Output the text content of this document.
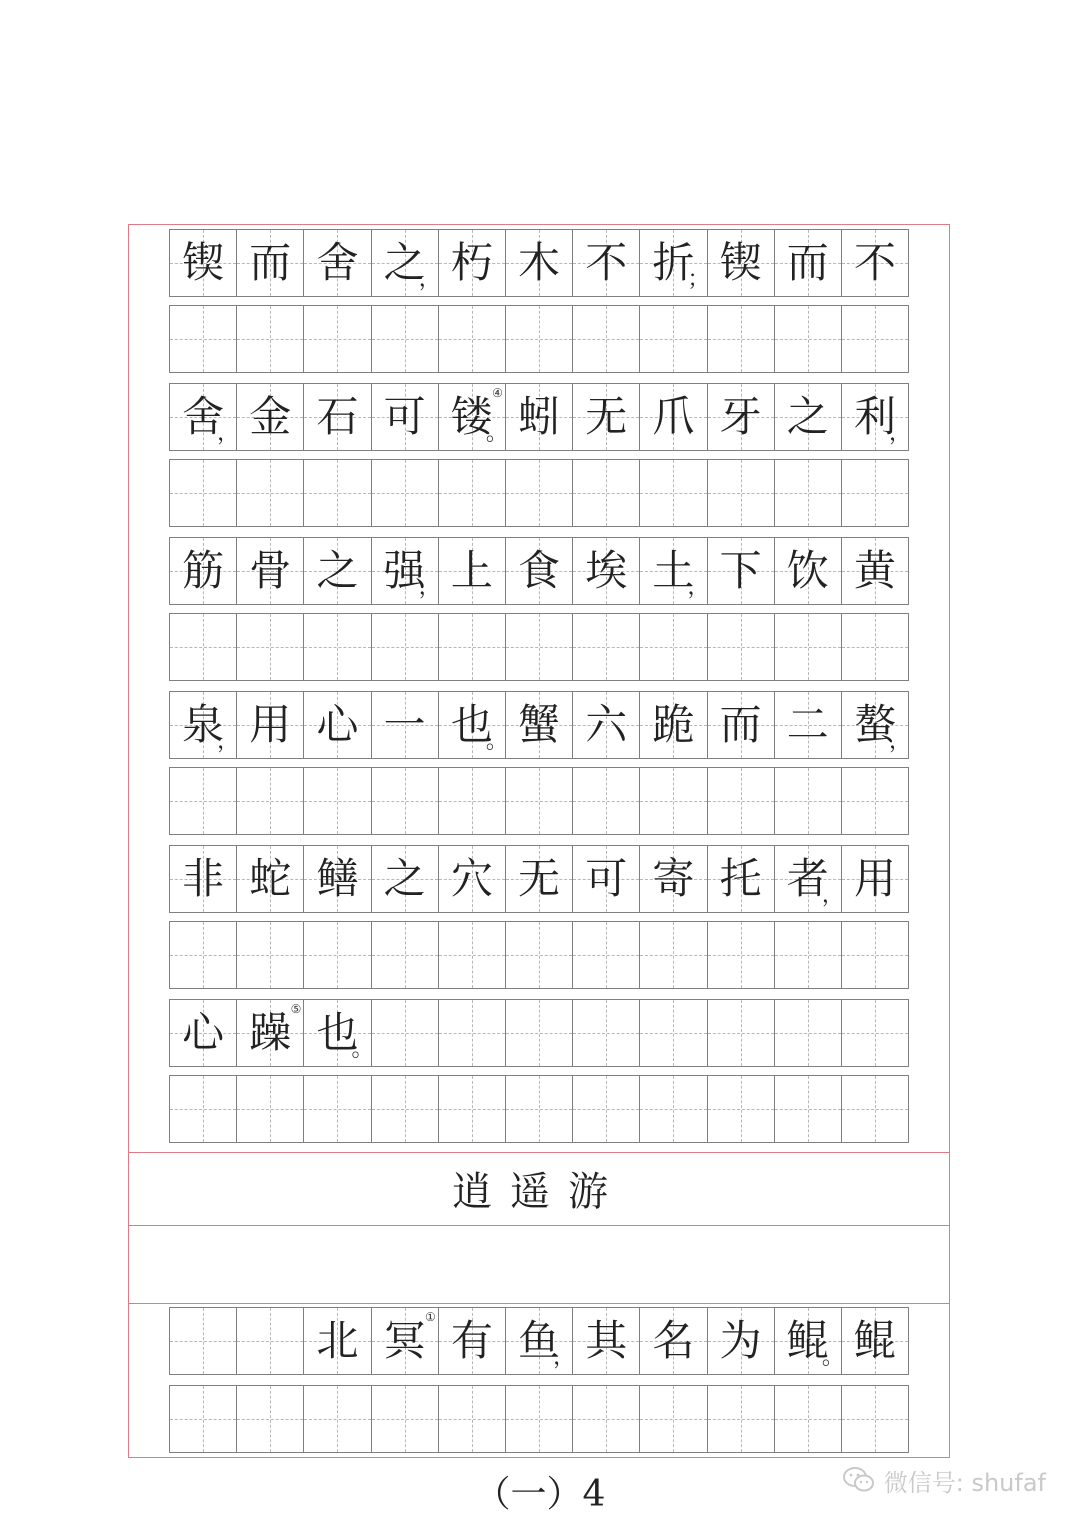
锲 而 舍 之
， 朽 木 不 折
； 锲 而 不
舍
， 金 石 可 镂
。
④ 蚓 无 爪 牙 之 利
，
筋 骨 之 强
， 上 食 埃 土
， 下 饮 黄
泉
， 用 心 一 也
。 蟹 六 跪 而 二 螯
，
非 蛇 鳝 之 穴 无 可 寄 托 者
， 用
心 躁 ⑤ 也
。
逍遥游
北 冥 ① 有 鱼
， 其 名 为 鲲
。 鲲
（一）4	微信号: shufaf
